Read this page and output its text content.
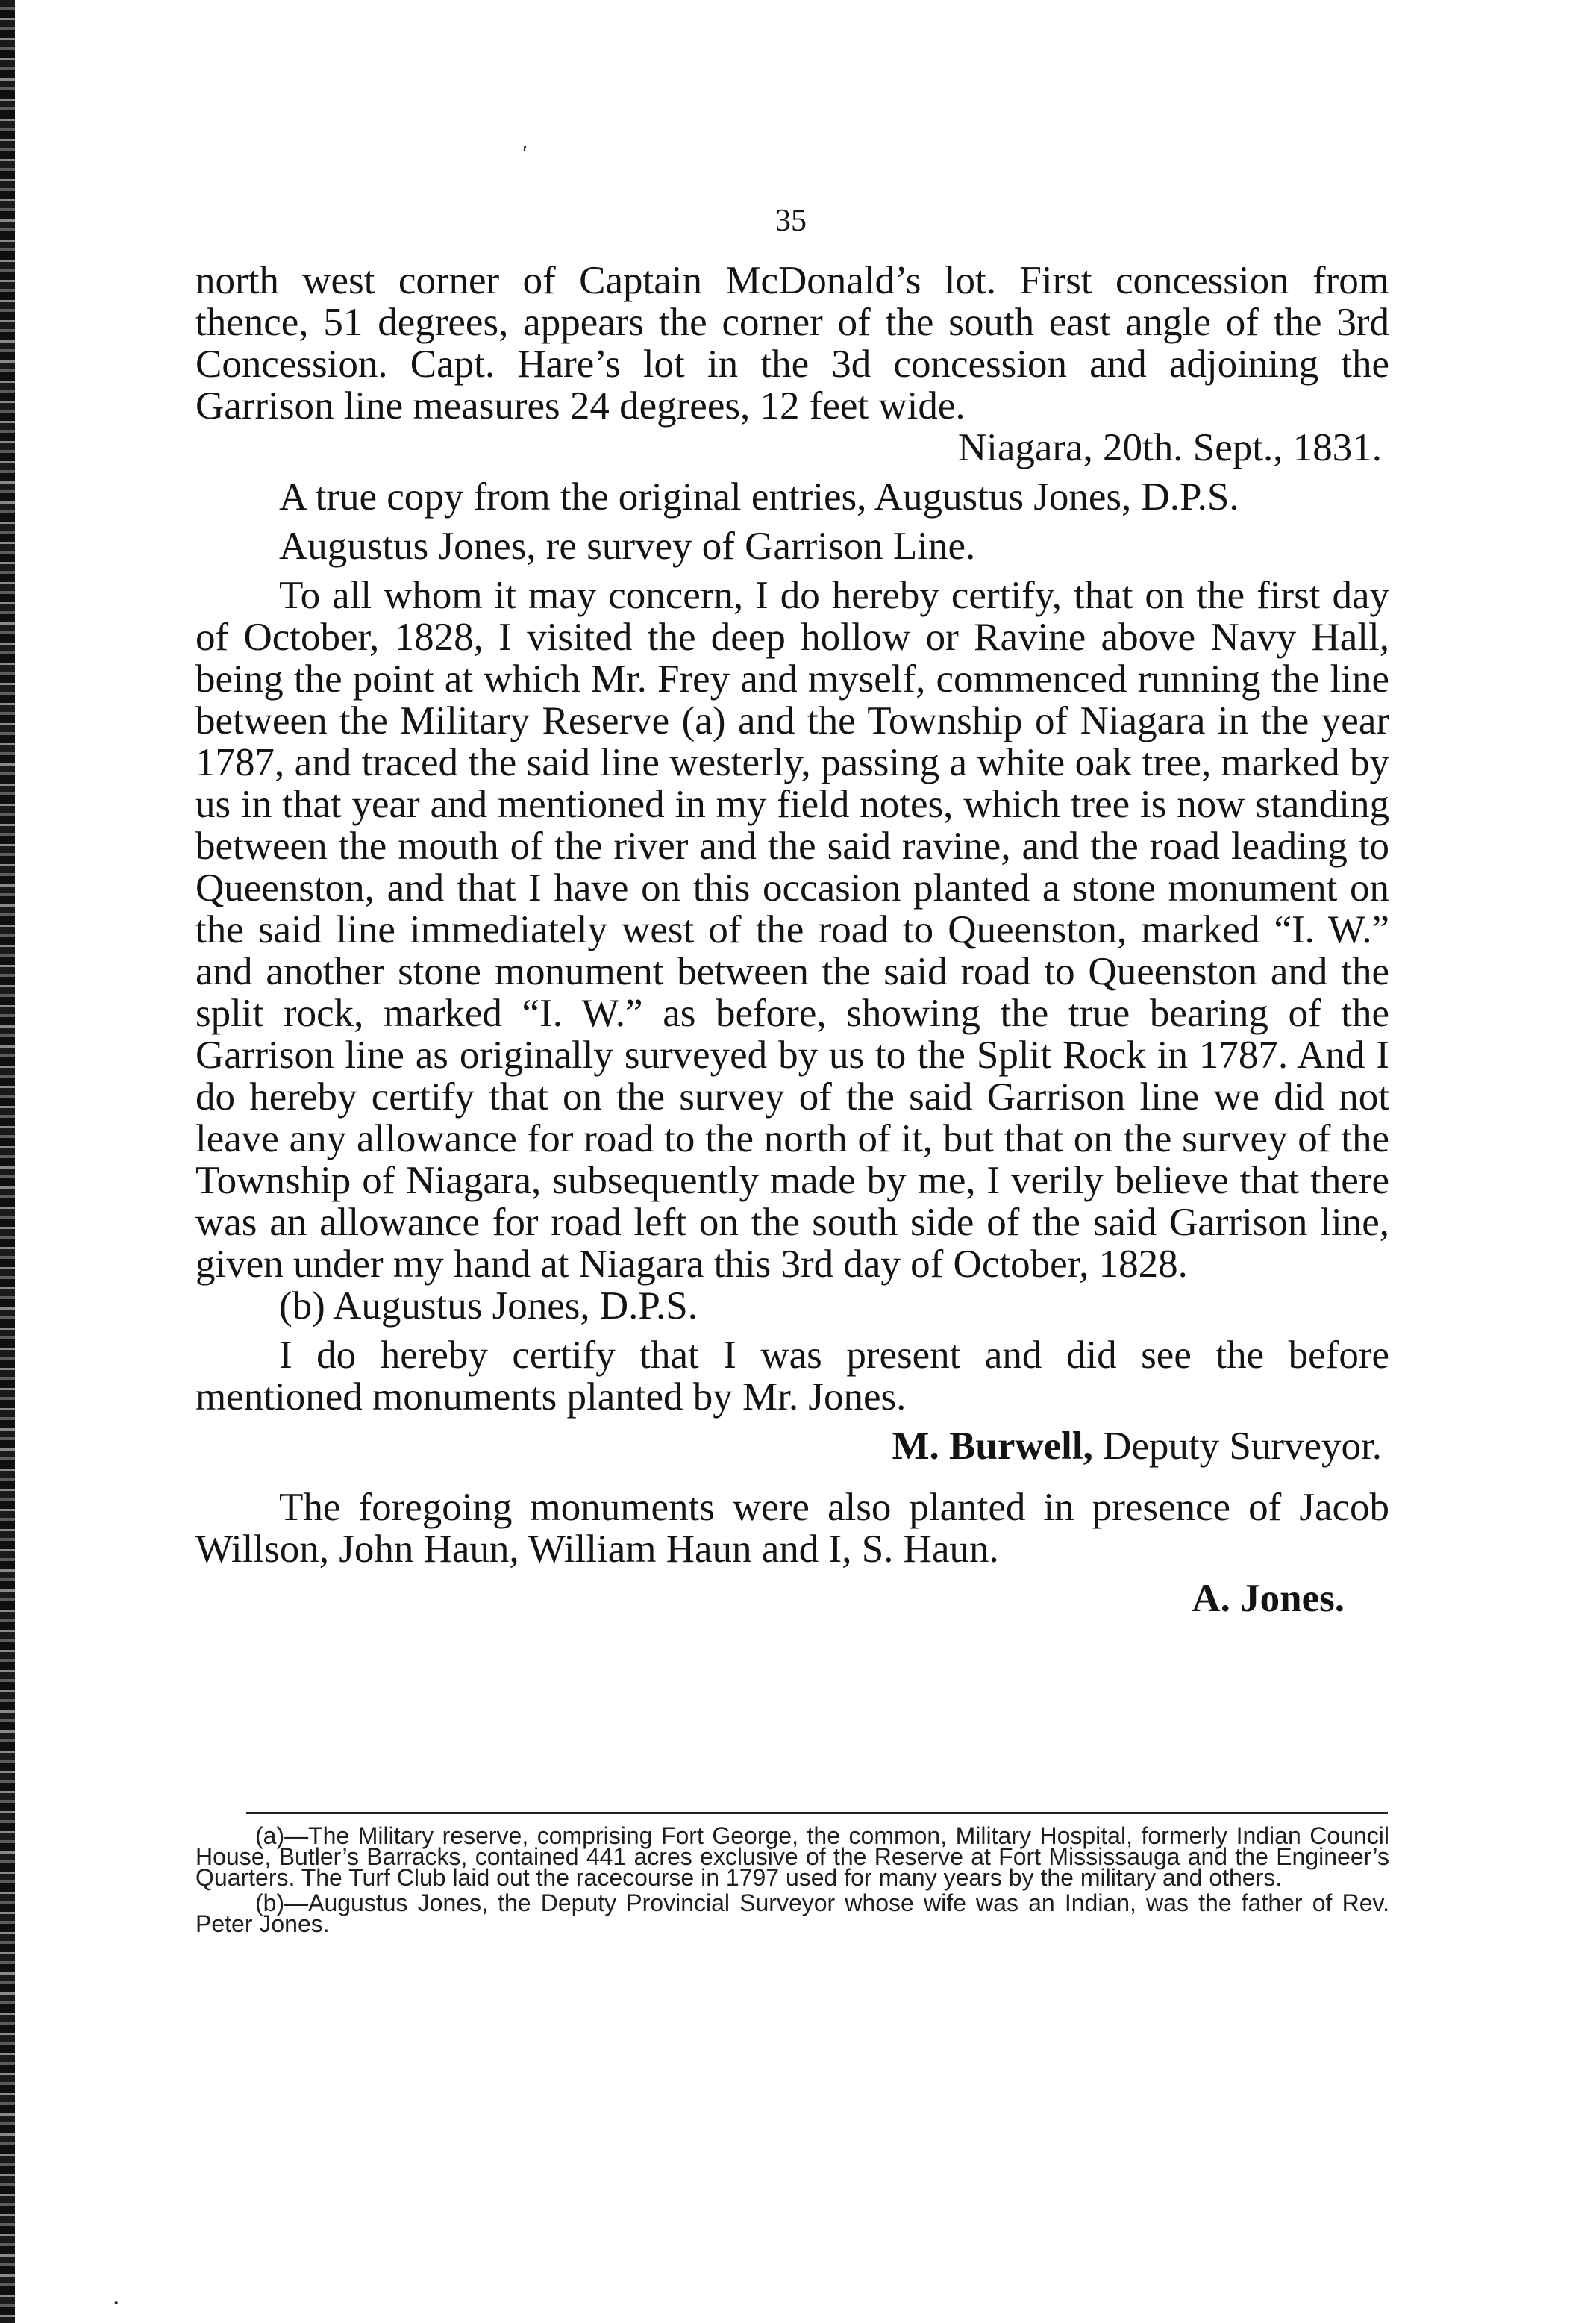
′
·
35

north west corner of Captain McDonald’s lot. First concession from thence, 51 degrees, appears the corner of the south east angle of the 3rd Concession. Capt. Hare’s lot in the 3d concession and adjoining the Garrison line measures 24 degrees, 12 feet wide.

Niagara, 20th. Sept., 1831.

A true copy from the original entries, Augustus Jones, D.P.S.

Augustus Jones, re survey of Garrison Line.

To all whom it may concern, I do hereby certify, that on the first day of October, 1828, I visited the deep hollow or Ravine above Navy Hall, being the point at which Mr. Frey and myself, commenced running the line between the Military Reserve (a) and the Township of Niagara in the year 1787, and traced the said line westerly, passing a white oak tree, marked by us in that year and mentioned in my field notes, which tree is now standing between the mouth of the river and the said ravine, and the road leading to Queenston, and that I have on this occasion planted a stone monument on the said line immediately west of the road to Queenston, marked “I. W.” and another stone monument between the said road to Queenston and the split rock, marked “I. W.” as before, showing the true bearing of the Garrison line as originally surveyed by us to the Split Rock in 1787. And I do hereby certify that on the survey of the said Garrison line we did not leave any allowance for road to the north of it, but that on the survey of the Township of Niagara, subsequently made by me, I verily believe that there was an allowance for road left on the south side of the said Garrison line, given under my hand at Niagara this 3rd day of October, 1828.

(b) Augustus Jones, D.P.S.

I do hereby certify that I was present and did see the before mentioned monuments planted by Mr. Jones.

M. Burwell, Deputy Surveyor.

The foregoing monuments were also planted in presence of Jacob Willson, John Haun, William Haun and I, S. Haun.

A. Jones.

(a)—The Military reserve, comprising Fort George, the common, Military Hospital, formerly Indian Council House, Butler’s Barracks, contained 441 acres exclusive of the Reserve at Fort Mississauga and the Engineer’s Quarters. The Turf Club laid out the racecourse in 1797 used for many years by the military and others.

(b)—Augustus Jones, the Deputy Provincial Surveyor whose wife was an Indian, was the father of Rev. Peter Jones.
